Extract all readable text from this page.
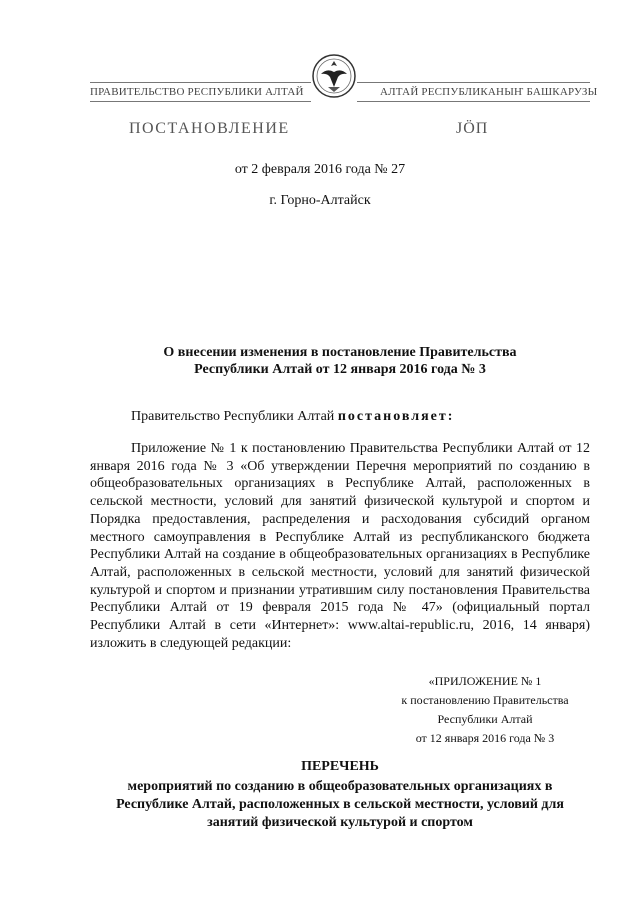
ПРАВИТЕЛЬСТВО РЕСПУБЛИКИ АЛТАЙ	АЛТАЙ РЕСПУБЛИКАНЫҤ БАШКАРУЗЫ
ПОСТАНОВЛЕНИЕ	ЈӦП
от 2 февраля 2016 года № 27
г. Горно-Алтайск
О внесении изменения в постановление Правительства
Республики Алтай от 12 января 2016 года № 3
Правительство Республики Алтай постановляет:
Приложение № 1 к постановлению Правительства Республики Алтай от 12 января 2016 года № 3 «Об утверждении Перечня мероприятий по созданию в общеобразовательных организациях в Республике Алтай, расположенных в сельской местности, условий для занятий физической культурой и спортом и Порядка предоставления, распределения и расходования субсидий органом местного самоуправления в Республике Алтай из республиканского бюджета Республики Алтай на создание в общеобразовательных организациях в Республике Алтай, расположенных в сельской местности, условий для занятий физической культурой и спортом и признании утратившим силу постановления Правительства Республики Алтай от 19 февраля 2015 года № 47» (официальный портал Республики Алтай в сети «Интернет»: www.altai-republic.ru, 2016, 14 января) изложить в следующей редакции:
«ПРИЛОЖЕНИЕ № 1
к постановлению Правительства
Республики Алтай
от 12 января 2016 года № 3
ПЕРЕЧЕНЬ
мероприятий по созданию в общеобразовательных организациях в
Республике Алтай, расположенных в сельской местности, условий для
занятий физической культурой и спортом
